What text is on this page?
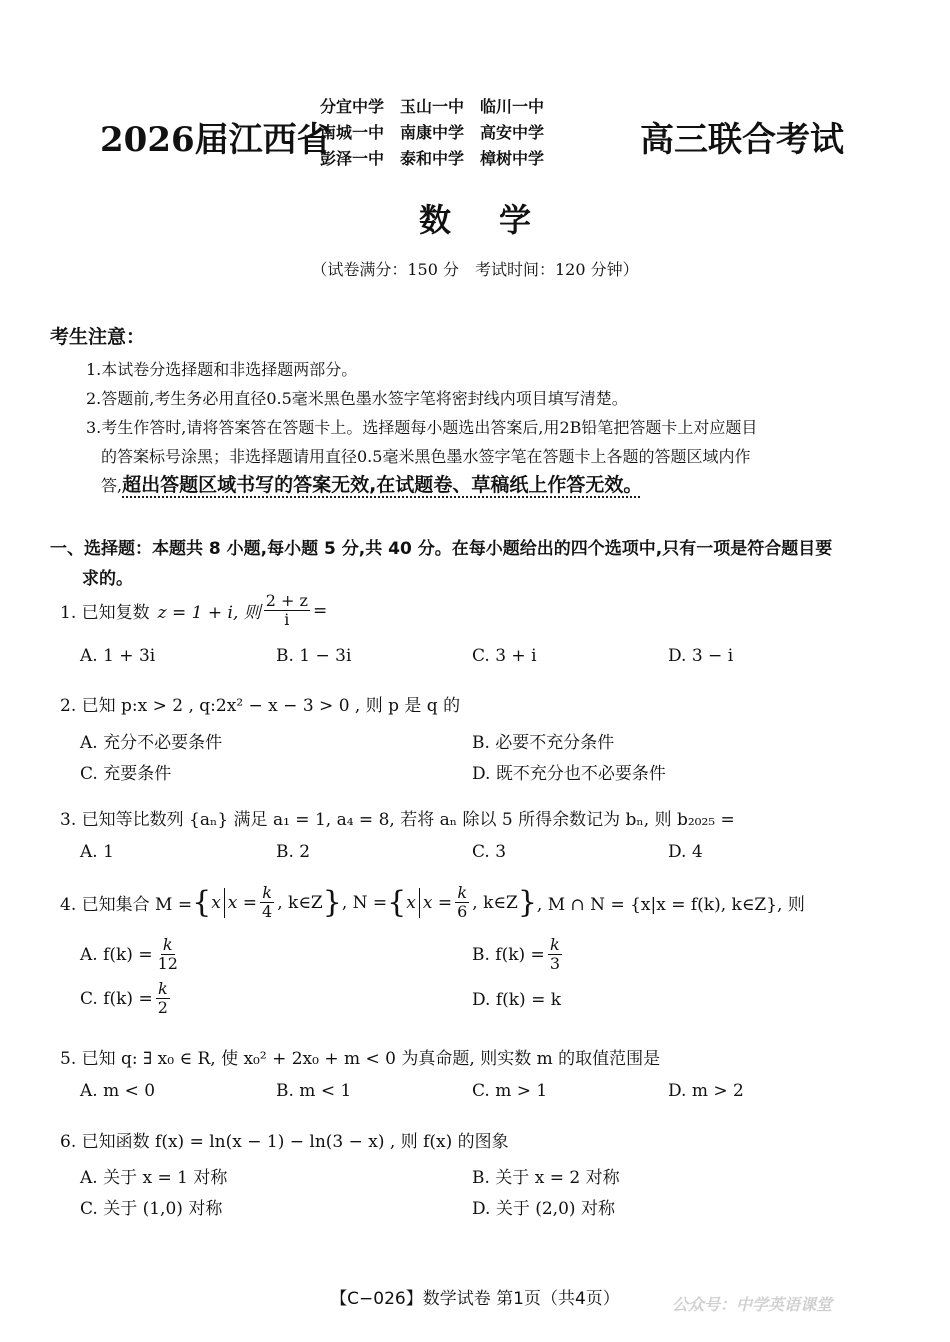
2026届江西省
分宜中学 玉山一中 临川一中
南城一中 南康中学 高安中学
彭泽一中 泰和中学 樟树中学	高三联合考试
数学
（试卷满分：150 分　考试时间：120 分钟）
考生注意：
1.本试卷分选择题和非选择题两部分。
2.答题前,考生务必用直径0.5毫米黑色墨水签字笔将密封线内项目填写清楚。
3.考生作答时,请将答案答在答题卡上。选择题每小题选出答案后,用2B铅笔把答题卡上对应题目
的答案标号涂黑；非选择题请用直径0.5毫米黑色墨水签字笔在答题卡上各题的答题区域内作
答,超出答题区域书写的答案无效,在试题卷、草稿纸上作答无效。
一、选择题：本题共 8 小题,每小题 5 分,共 40 分。在每小题给出的四个选项中,只有一项是符合题目要
求的。
1. 已知复数 z = 1 + i, 则 $\frac{2 + z}{i}$ =
A. 1 + 3i	B. 1 − 3i	C. 3 + i	D. 3 − i
2. 已知 p:x > 2 , q:2x² − x − 3 > 0 , 则 p 是 q 的
A. 充分不必要条件	B. 必要不充分条件
C. 充要条件	D. 既不充分也不必要条件
3. 已知等比数列 {aₙ} 满足 a₁ = 1, a₄ = 8, 若将 aₙ 除以 5 所得余数记为 bₙ, 则 b₂₀₂₅ =
A. 1	B. 2	C. 3	D. 4
4. 已知集合 M = { x $x = \frac{k}{4}$ , k∈Z } , N = { x $x = \frac{k}{6}$ , k∈Z } , M ∩ N = {x|x = f(k), k∈Z}, 则
A. $f(k) = \frac{k}{12}$	B. $f(k) = \frac{k}{3}$
C. $f(k) = \frac{k}{2}$	D. f(k) = k
5. 已知 q: ∃ x₀ ∈ R, 使 x₀² + 2x₀ + m < 0 为真命题, 则实数 m 的取值范围是
A. m < 0	B. m < 1	C. m > 1	D. m > 2
6. 已知函数 f(x) = ln(x − 1) − ln(3 − x) , 则 f(x) 的图象
A. 关于 x = 1 对称	B. 关于 x = 2 对称
C. 关于 (1,0) 对称	D. 关于 (2,0) 对称
【C−026】数学试卷 第1页（共4页）	公众号：中学英语课堂
